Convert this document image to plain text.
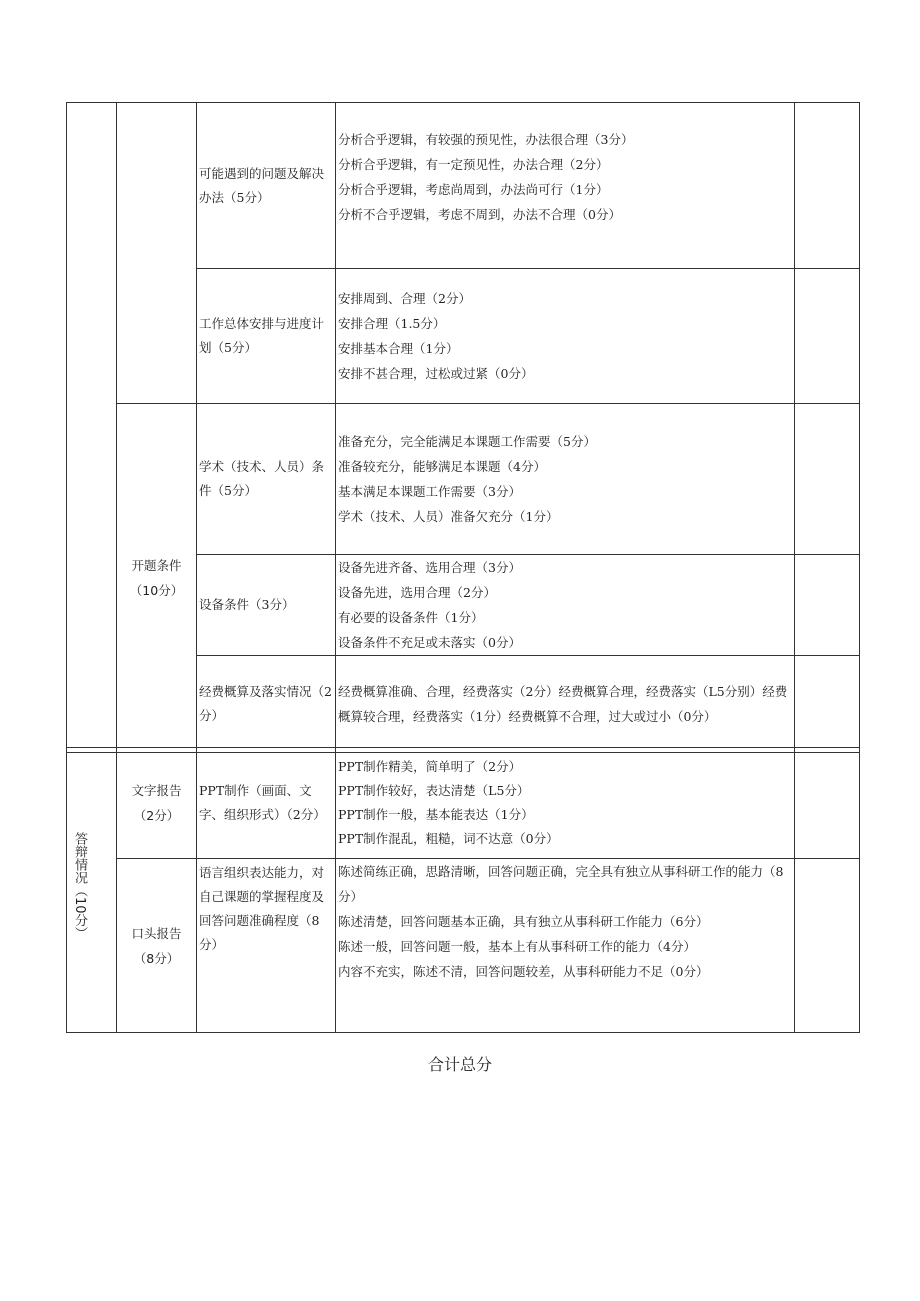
		可能遇到的问题及解决办法（5分）	分析合乎逻辑，有较强的预见性，办法很合理（3分）
分析合乎逻辑，有一定预见性，办法合理（2分）
分析合乎逻辑，考虑尚周到，办法尚可行（1分）
分析不合乎逻辑，考虑不周到，办法不合理（0分）	

		工作总体安排与进度计划（5分）	安排周到、合理（2分）
安排合理（1.5分）
安排基本合理（1分）
安排不甚合理，过松或过紧（0分）	

	开题条件（10分）	学术（技术、人员）条件（5分）	准备充分，完全能满足本课题工作需要（5分）
准备较充分，能够满足本课题（4分）
基本满足本课题工作需要（3分）
学术（技术、人员）准备欠充分（1分）	

		设备条件（3分）	设备先进齐备、选用合理（3分）
设备先进，选用合理（2分）
有必要的设备条件（1分）
设备条件不充足或未落实（0分）	

		经费概算及落实情况（2分）	经费概算准确、合理，经费落实（2分）经费概算合理，经费落实（L5分别）经费概算较合理，经费落实（1分）经费概算不合理，过大或过小（0分）	

答辩情况（10分）	文字报告（2分）	PPT制作（画面、文字、组织形式）（2分）	PPT制作精美，简单明了（2分）
PPT制作较好，表达清楚（L5分）
PPT制作一般，基本能表达（1分）
PPT制作混乱，粗糙，词不达意（0分）	

	口头报告（8分）	语言组织表达能力，对自己课题的掌握程度及回答问题准确程度（8分）	陈述简练正确，思路清晰，回答问题正确，完全具有独立从事科研工作的能力（8分）
陈述清楚，回答问题基本正确，具有独立从事科研工作能力（6分）
陈述一般，回答问题一般，基本上有从事科研工作的能力（4分）
内容不充实，陈述不清，回答问题较差，从事科研能力不足（0分）	

合计总分
